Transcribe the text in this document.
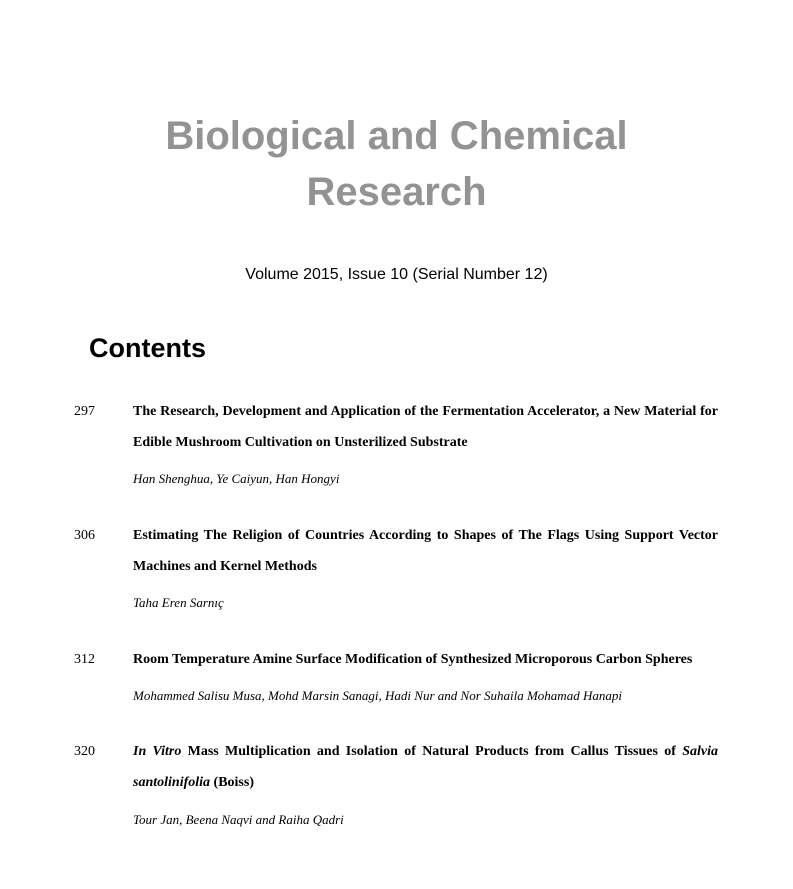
Biological and Chemical
Research
Volume 2015, Issue 10 (Serial Number 12)
Contents
297	The Research, Development and Application of the Fermentation Accelerator, a New Material for Edible Mushroom Cultivation on Unsterilized Substrate
Han Shenghua, Ye Caiyun, Han Hongyi
306	Estimating The Religion of Countries According to Shapes of The Flags Using Support Vector Machines and Kernel Methods
Taha Eren Sarnıç
312	Room Temperature Amine Surface Modification of Synthesized Microporous Carbon Spheres
Mohammed Salisu Musa, Mohd Marsin Sanagi, Hadi Nur and Nor Suhaila Mohamad Hanapi
320	In Vitro Mass Multiplication and Isolation of Natural Products from Callus Tissues of Salvia santolinifolia (Boiss)
Tour Jan, Beena Naqvi and Raiha Qadri
